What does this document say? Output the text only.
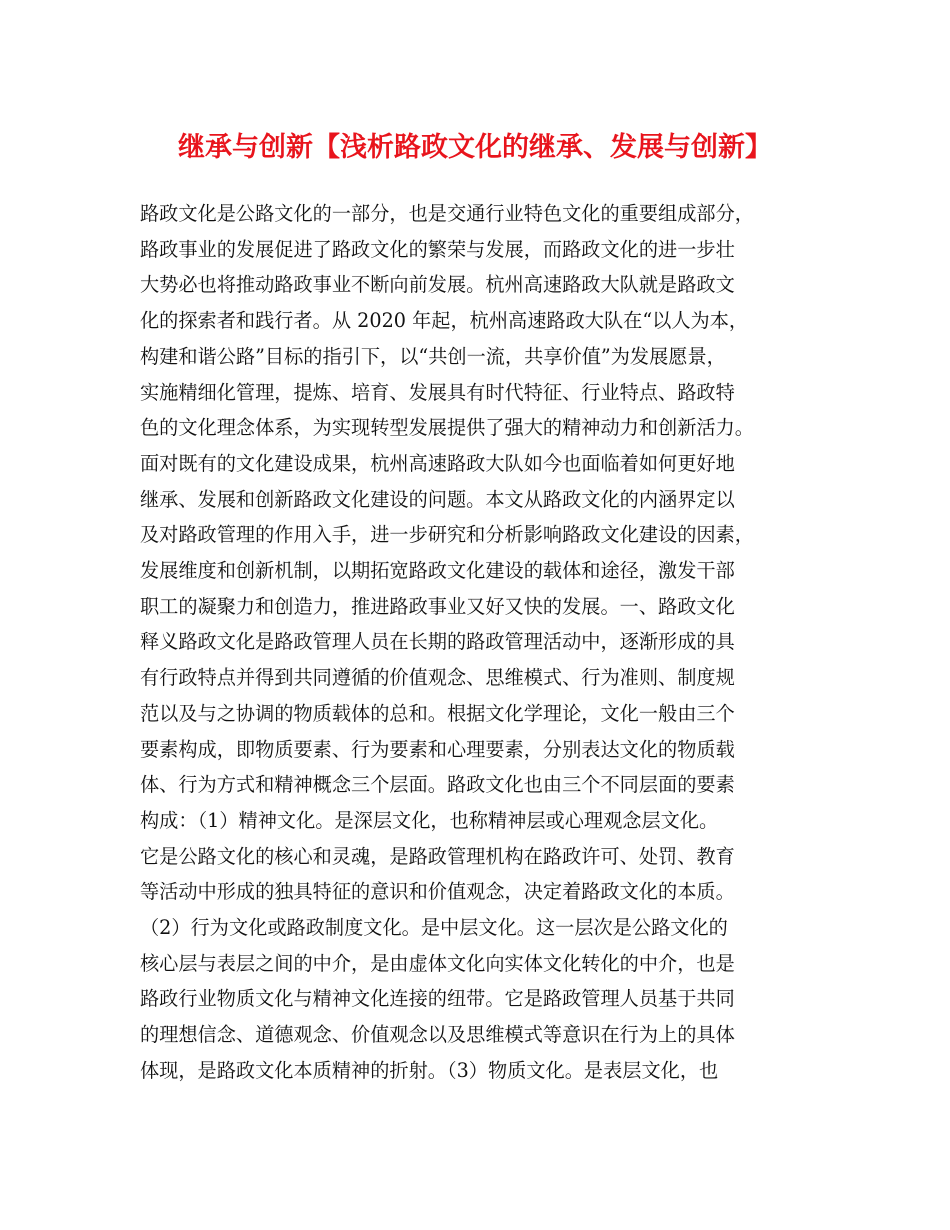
继承与创新【浅析路政文化的继承、发展与创新】
路政文化是公路文化的一部分，也是交通行业特色文化的重要组成部分，
路政事业的发展促进了路政文化的繁荣与发展，而路政文化的进一步壮
大势必也将推动路政事业不断向前发展。杭州高速路政大队就是路政文
化的探索者和践行者。从 2020 年起，杭州高速路政大队在“以人为本，
构建和谐公路”目标的指引下，以“共创一流，共享价值”为发展愿景，
实施精细化管理，提炼、培育、发展具有时代特征、行业特点、路政特
色的文化理念体系，为实现转型发展提供了强大的精神动力和创新活力。
面对既有的文化建设成果，杭州高速路政大队如今也面临着如何更好地
继承、发展和创新路政文化建设的问题。本文从路政文化的内涵界定以
及对路政管理的作用入手，进一步研究和分析影响路政文化建设的因素，
发展维度和创新机制，以期拓宽路政文化建设的载体和途径，激发干部
职工的凝聚力和创造力，推进路政事业又好又快的发展。一、路政文化
释义路政文化是路政管理人员在长期的路政管理活动中，逐渐形成的具
有行政特点并得到共同遵循的价值观念、思维模式、行为准则、制度规
范以及与之协调的物质载体的总和。根据文化学理论，文化一般由三个
要素构成，即物质要素、行为要素和心理要素，分别表达文化的物质载
体、行为方式和精神概念三个层面。路政文化也由三个不同层面的要素
构成：（1）精神文化。是深层文化，也称精神层或心理观念层文化。
它是公路文化的核心和灵魂，是路政管理机构在路政许可、处罚、教育
等活动中形成的独具特征的意识和价值观念，决定着路政文化的本质。
（2）行为文化或路政制度文化。是中层文化。这一层次是公路文化的
核心层与表层之间的中介，是由虚体文化向实体文化转化的中介，也是
路政行业物质文化与精神文化连接的纽带。它是路政管理人员基于共同
的理想信念、道德观念、价值观念以及思维模式等意识在行为上的具体
体现，是路政文化本质精神的折射。（3）物质文化。是表层文化，也
